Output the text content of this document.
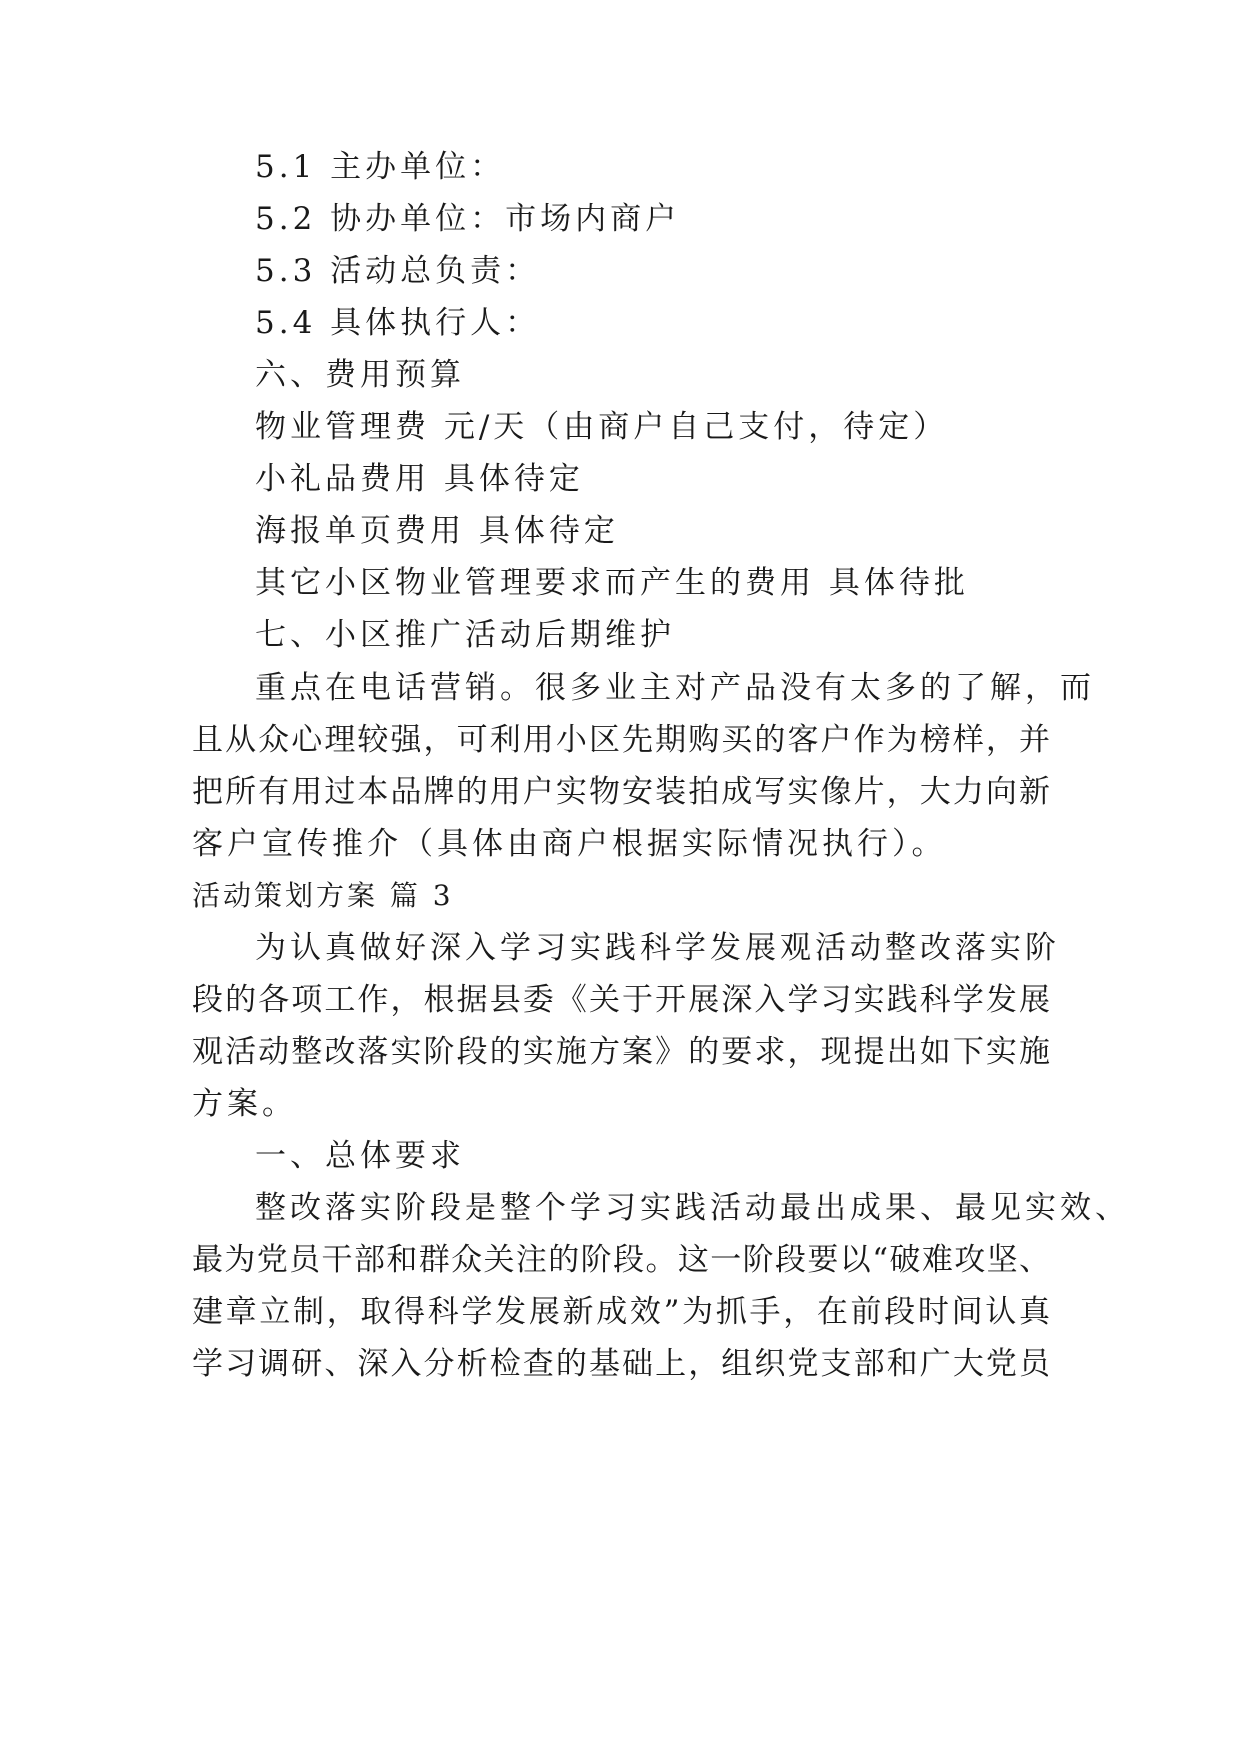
5.1 主办单位：
5.2 协办单位：市场内商户
5.3 活动总负责：
5.4 具体执行人：
六、费用预算
物业管理费 元/天（由商户自己支付，待定）
小礼品费用 具体待定
海报单页费用 具体待定
其它小区物业管理要求而产生的费用 具体待批
七、小区推广活动后期维护
重点在电话营销。很多业主对产品没有太多的了解，而
且从众心理较强，可利用小区先期购买的客户作为榜样，并
把所有用过本品牌的用户实物安装拍成写实像片，大力向新
客户宣传推介（具体由商户根据实际情况执行）。
活动策划方案 篇 3
为认真做好深入学习实践科学发展观活动整改落实阶
段的各项工作，根据县委《关于开展深入学习实践科学发展
观活动整改落实阶段的实施方案》的要求，现提出如下实施
方案。
一、总体要求
整改落实阶段是整个学习实践活动最出成果、最见实效、
最为党员干部和群众关注的阶段。这一阶段要以“破难攻坚、
建章立制，取得科学发展新成效”为抓手，在前段时间认真
学习调研、深入分析检查的基础上，组织党支部和广大党员
